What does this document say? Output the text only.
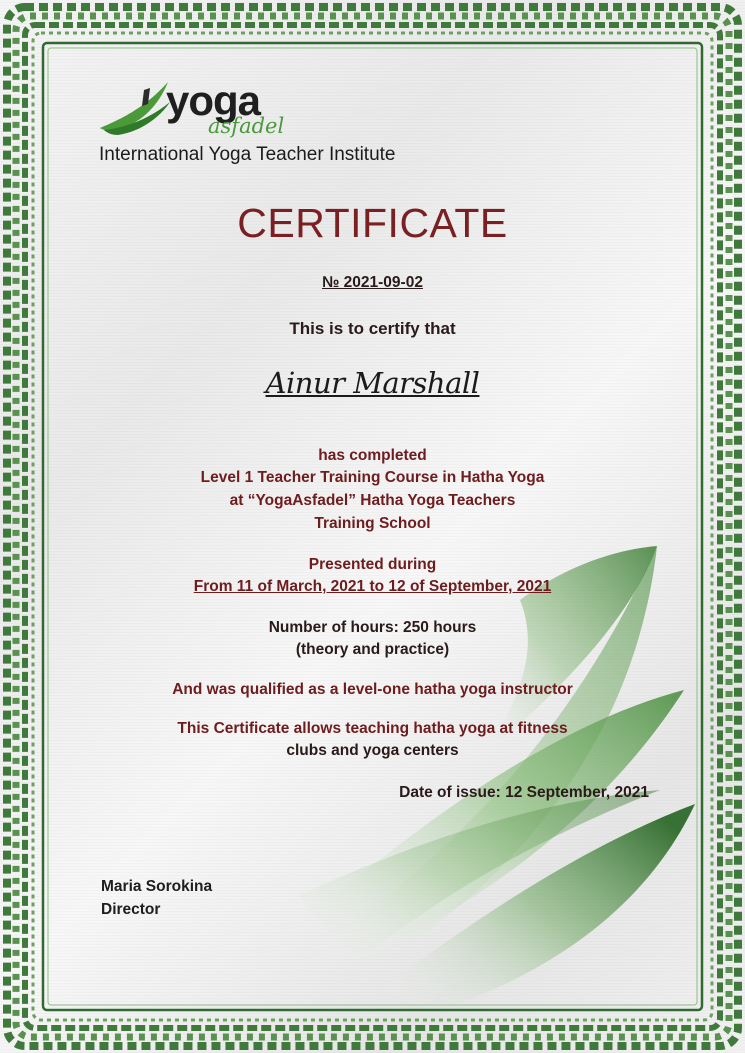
yoga
asfadel
International Yoga Teacher Institute
CERTIFICATE
№ 2021-09-02
This is to certify that
Ainur Marshall
has completed
Level 1 Teacher Training Course in Hatha Yoga
at “YogaAsfadel” Hatha Yoga Teachers
Training School
Presented during
From 11 of March, 2021 to 12 of September, 2021
Number of hours: 250 hours
(theory and practice)
And was qualified as a level-one hatha yoga instructor
This Certificate allows teaching hatha yoga at fitness
clubs and yoga centers
Date of issue: 12 September, 2021
Maria Sorokina
Director
